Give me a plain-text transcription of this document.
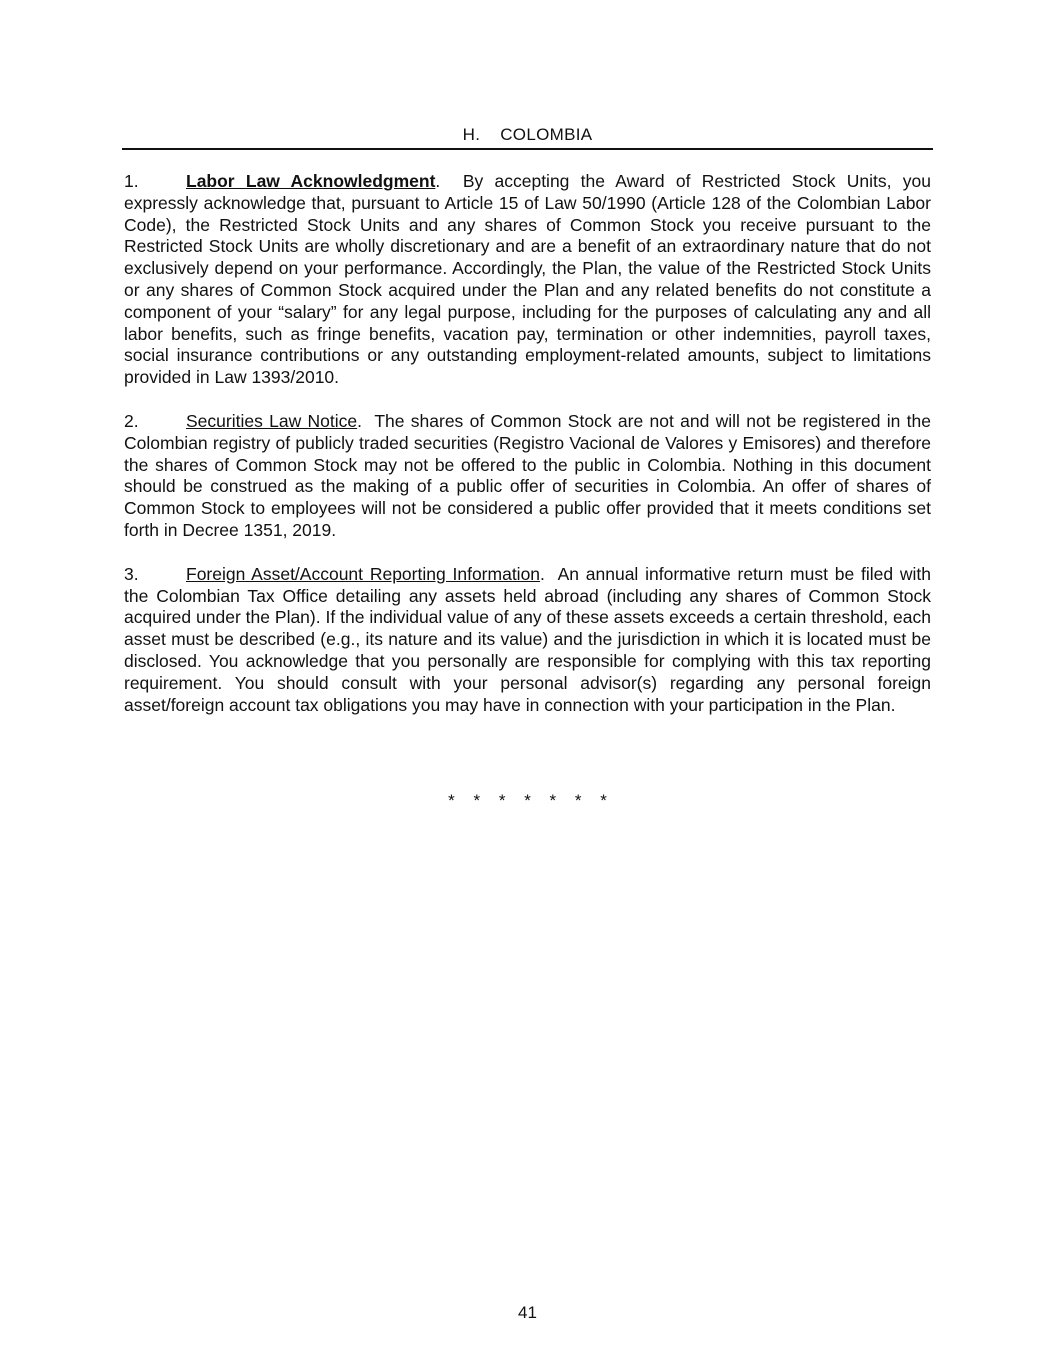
H. COLOMBIA

1.	Labor Law Acknowledgment. By accepting the Award of Restricted Stock Units, you expressly acknowledge that, pursuant to Article 15 of Law 50/1990 (Article 128 of the Colombian Labor Code), the Restricted Stock Units and any shares of Common Stock you receive pursuant to the Restricted Stock Units are wholly discretionary and are a benefit of an extraordinary nature that do not exclusively depend on your performance. Accordingly, the Plan, the value of the Restricted Stock Units or any shares of Common Stock acquired under the Plan and any related benefits do not constitute a component of your “salary” for any legal purpose, including for the purposes of calculating any and all labor benefits, such as fringe benefits, vacation pay, termination or other indemnities, payroll taxes, social insurance contributions or any outstanding employment-related amounts, subject to limitations provided in Law 1393/2010.

2.	Securities Law Notice. The shares of Common Stock are not and will not be registered in the Colombian registry of publicly traded securities (Registro Vacional de Valores y Emisores) and therefore the shares of Common Stock may not be offered to the public in Colombia. Nothing in this document should be construed as the making of a public offer of securities in Colombia. An offer of shares of Common Stock to employees will not be considered a public offer provided that it meets conditions set forth in Decree 1351, 2019.

3.	Foreign Asset/Account Reporting Information. An annual informative return must be filed with the Colombian Tax Office detailing any assets held abroad (including any shares of Common Stock acquired under the Plan). If the individual value of any of these assets exceeds a certain threshold, each asset must be described (e.g., its nature and its value) and the jurisdiction in which it is located must be disclosed. You acknowledge that you personally are responsible for complying with this tax reporting requirement. You should consult with your personal advisor(s) regarding any personal foreign asset/foreign account tax obligations you may have in connection with your participation in the Plan.

* * * * * * *
41
